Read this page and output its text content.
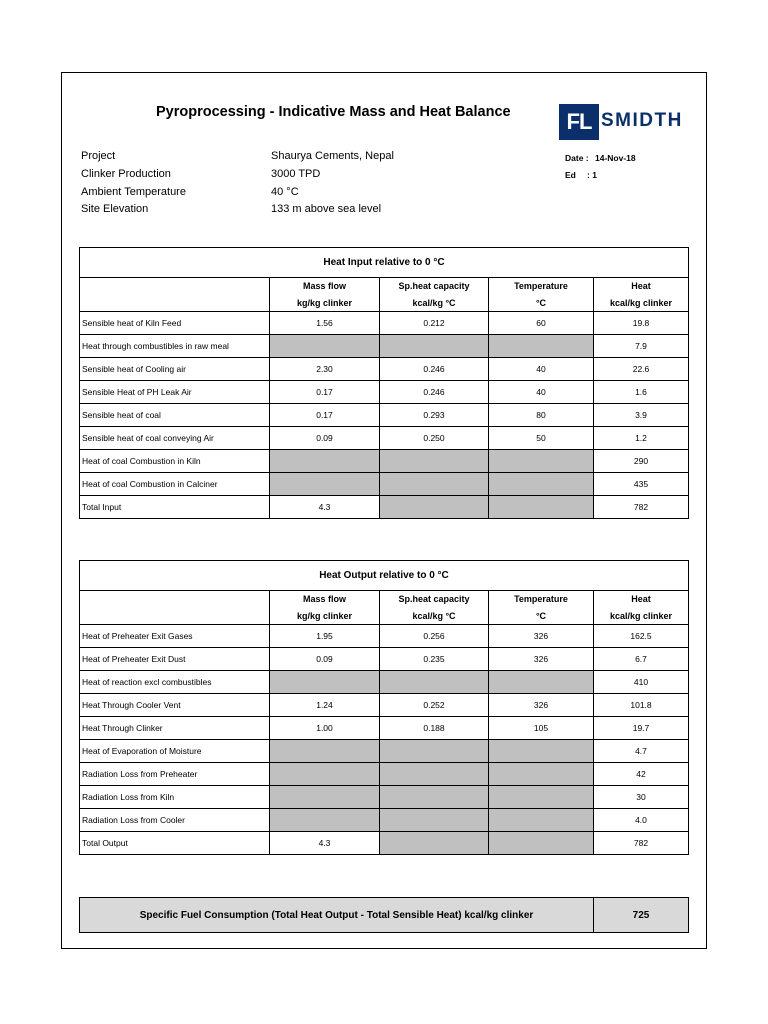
Pyroprocessing - Indicative Mass and Heat Balance	FL SMIDTH
Project	Shaurya Cements, Nepal
Clinker Production	3000 TPD
Ambient Temperature	40 °C
Site Elevation	133 m above sea level
Date : 14-Nov-18
Ed : 1
Heat Input relative to 0 °C				
	Mass flow	Sp.heat capacity	Temperature	Heat
	kg/kg clinker	kcal/kg °C	°C	kcal/kg clinker
Sensible heat of Kiln Feed	1.56	0.212	60	19.8
Heat through combustibles in raw meal				7.9
Sensible heat of Cooling air	2.30	0.246	40	22.6
Sensible Heat of PH Leak Air	0.17	0.246	40	1.6
Sensible heat of coal	0.17	0.293	80	3.9
Sensible heat of coal conveying Air	0.09	0.250	50	1.2
Heat of coal Combustion in Kiln				290
Heat of coal Combustion in Calciner				435
Total Input	4.3			782
Heat Output relative to 0 °C				
	Mass flow	Sp.heat capacity	Temperature	Heat
	kg/kg clinker	kcal/kg °C	°C	kcal/kg clinker
Heat of Preheater Exit Gases	1.95	0.256	326	162.5
Heat of Preheater Exit Dust	0.09	0.235	326	6.7
Heat of reaction excl combustibles				410
Heat Through Cooler Vent	1.24	0.252	326	101.8
Heat Through Clinker	1.00	0.188	105	19.7
Heat of Evaporation of Moisture				4.7
Radiation Loss from Preheater				42
Radiation Loss from Kiln				30
Radiation Loss from Cooler				4.0
Total Output	4.3			782
Specific Fuel Consumption (Total Heat Output - Total Sensible Heat) kcal/kg clinker	725
